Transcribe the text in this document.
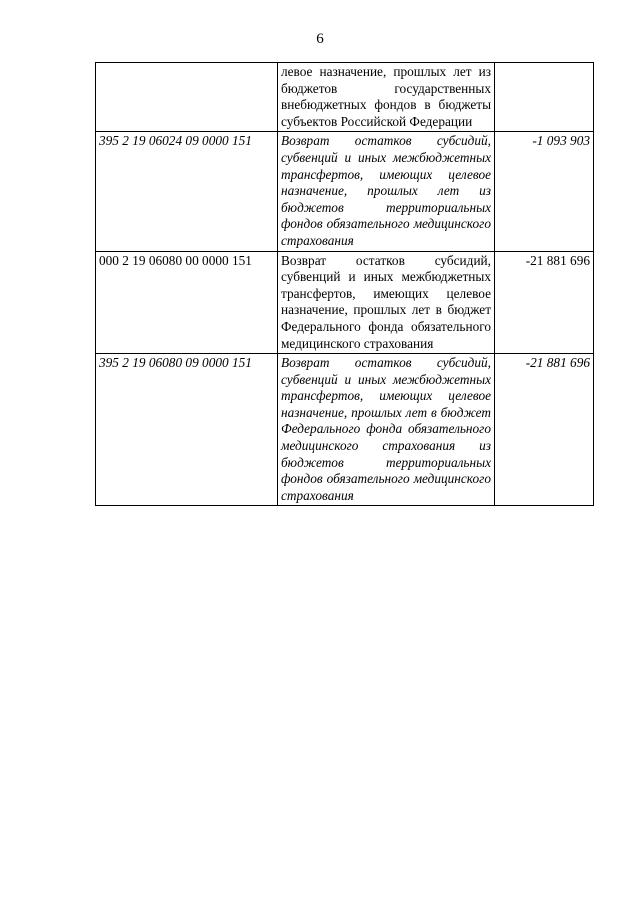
6
	левое назначение, прошлых лет из бюджетов государственных внебюджетных фондов в бюджеты субъектов Российской Федерации	
395 2 19 06024 09 0000 151	Возврат остатков субсидий, субвенций и иных межбюджетных трансфертов, имеющих целевое назначение, прошлых лет из бюджетов территориальных фондов обязательного медицинского страхования	-1 093 903
000 2 19 06080 00 0000 151	Возврат остатков субсидий, субвенций и иных межбюджетных трансфертов, имеющих целевое назначение, прошлых лет в бюджет Федерального фонда обязательного медицинского страхования	-21 881 696
395 2 19 06080 09 0000 151	Возврат остатков субсидий, субвенций и иных межбюджетных трансфертов, имеющих целевое назначение, прошлых лет в бюджет Федерального фонда обязательного медицинского страхования из бюджетов территориальных фондов обязательного медицинского страхования	-21 881 696
